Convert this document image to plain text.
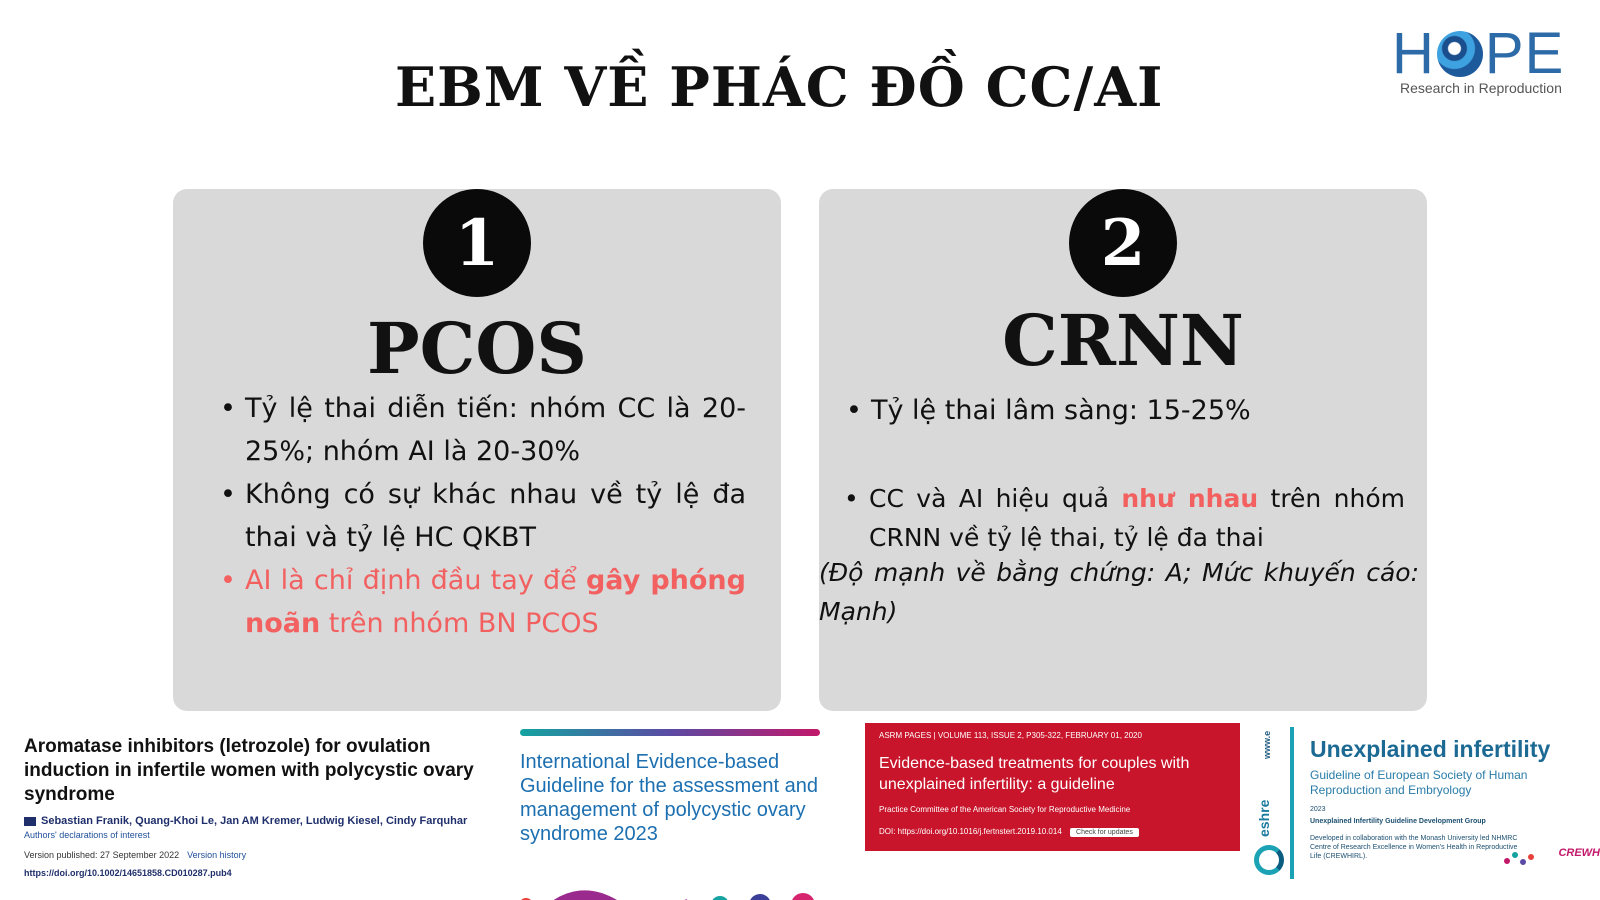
EBM VỀ PHÁC ĐỒ CC/AI
H PE
Research in Reproduction
1
PCOS
• Tỷ lệ thai diễn tiến: nhóm CC là 20-25%; nhóm AI là 20-30%
• Không có sự khác nhau về tỷ lệ đa thai và tỷ lệ HC QKBT
• AI là chỉ định đầu tay để gây phóng noãn trên nhóm BN PCOS
2
CRNN
• Tỷ lệ thai lâm sàng: 15-25%
• CC và AI hiệu quả như nhau trên nhóm CRNN về tỷ lệ thai, tỷ lệ đa thai
(Độ mạnh về bằng chứng: A; Mức khuyến cáo: Mạnh)
Aromatase inhibitors (letrozole) for ovulation induction in infertile women with polycystic ovary syndrome
Sebastian Franik, Quang-Khoi Le, Jan AM Kremer, Ludwig Kiesel, Cindy Farquhar
Authors' declarations of interest
Version published: 27 September 2022 Version history
https://doi.org/10.1002/14651858.CD010287.pub4
International Evidence-based Guideline for the assessment and management of polycystic ovary syndrome 2023
ASRM PAGES | VOLUME 113, ISSUE 2, P305-322, FEBRUARY 01, 2020
Evidence-based treatments for couples with unexplained infertility: a guideline
Practice Committee of the American Society for Reproductive Medicine
DOI: https://doi.org/10.1016/j.fertnstert.2019.10.014 Check for updates
www.e
eshre
Unexplained infertility
Guideline of European Society of Human Reproduction and Embryology
2023
Unexplained Infertility Guideline Development Group
Developed in collaboration with the Monash University led NHMRC Centre of Research Excellence in Women's Health in Reproductive Life (CREWHIRL).	CREWH
